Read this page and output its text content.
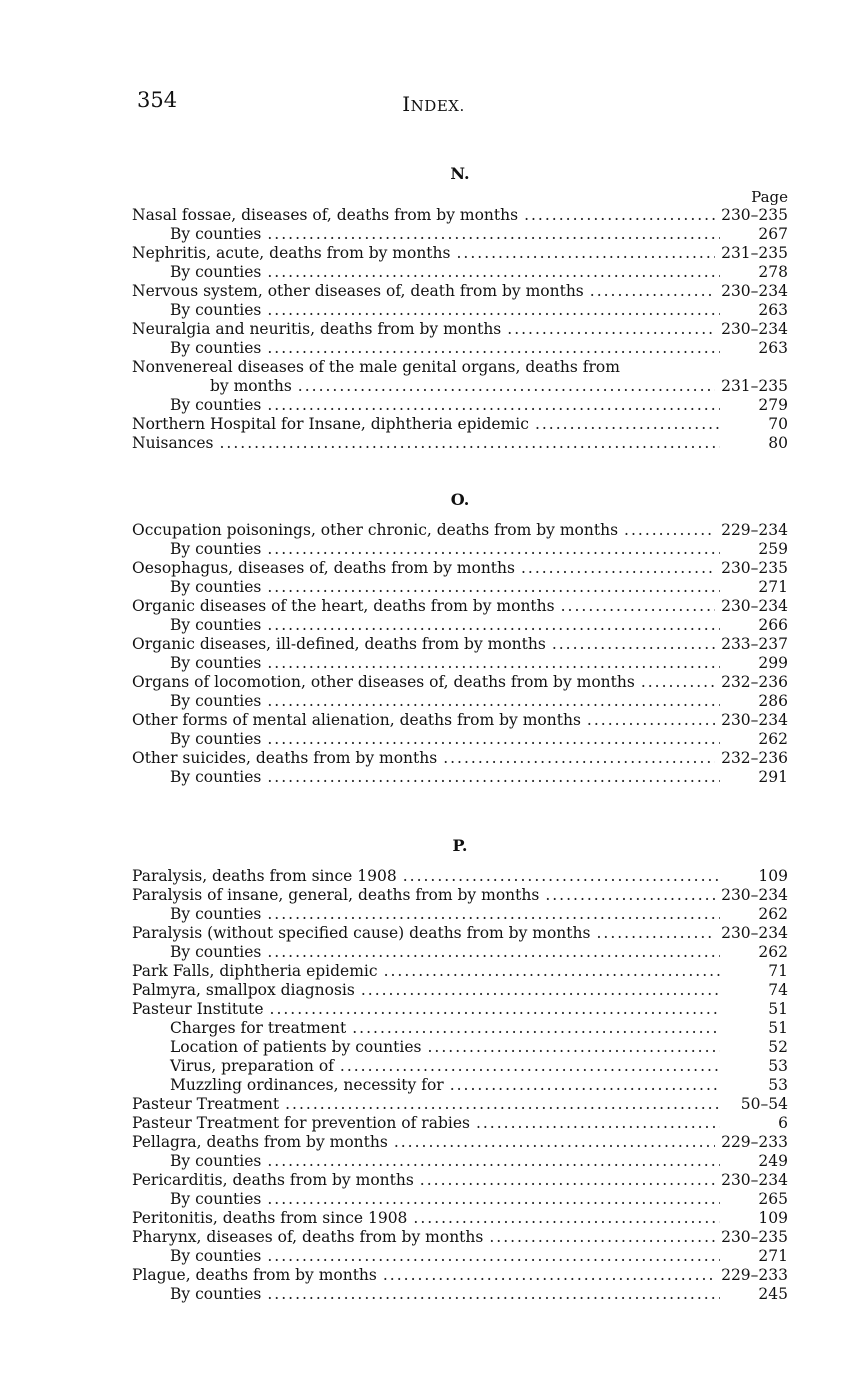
354	INDEX.
N.
Page
Nasal fossae, diseases of, deaths from by months .....	230–235
By counties .....	267
Nephritis, acute, deaths from by months .....	231–235
By counties .....	278
Nervous system, other diseases of, death from by months .....	230–234
By counties .....	263
Neuralgia and neuritis, deaths from by months .....	230–234
By counties .....	263
Nonvenereal diseases of the male genital organs, deaths from
by months .....	231–235
By counties .....	279
Northern Hospital for Insane, diphtheria epidemic .....	70
Nuisances .....	80
O.
Occupation poisonings, other chronic, deaths from by months .....	229–234
By counties .....	259
Oesophagus, diseases of, deaths from by months .....	230–235
By counties .....	271
Organic diseases of the heart, deaths from by months .....	230–234
By counties .....	266
Organic diseases, ill-defined, deaths from by months .....	233–237
By counties .....	299
Organs of locomotion, other diseases of, deaths from by months .....	232–236
By counties .....	286
Other forms of mental alienation, deaths from by months .....	230–234
By counties .....	262
Other suicides, deaths from by months .....	232–236
By counties .....	291
P.
Paralysis, deaths from since 1908 .....	109
Paralysis of insane, general, deaths from by months .....	230–234
By counties .....	262
Paralysis (without specified cause) deaths from by months .....	230–234
By counties .....	262
Park Falls, diphtheria epidemic .....	71
Palmyra, smallpox diagnosis .....	74
Pasteur Institute .....	51
Charges for treatment .....	51
Location of patients by counties .....	52
Virus, preparation of .....	53
Muzzling ordinances, necessity for .....	53
Pasteur Treatment .....	50–54
Pasteur Treatment for prevention of rabies .....	6
Pellagra, deaths from by months .....	229–233
By counties .....	249
Pericarditis, deaths from by months .....	230–234
By counties .....	265
Peritonitis, deaths from since 1908 .....	109
Pharynx, diseases of, deaths from by months .....	230–235
By counties .....	271
Plague, deaths from by months .....	229–233
By counties .....	245
